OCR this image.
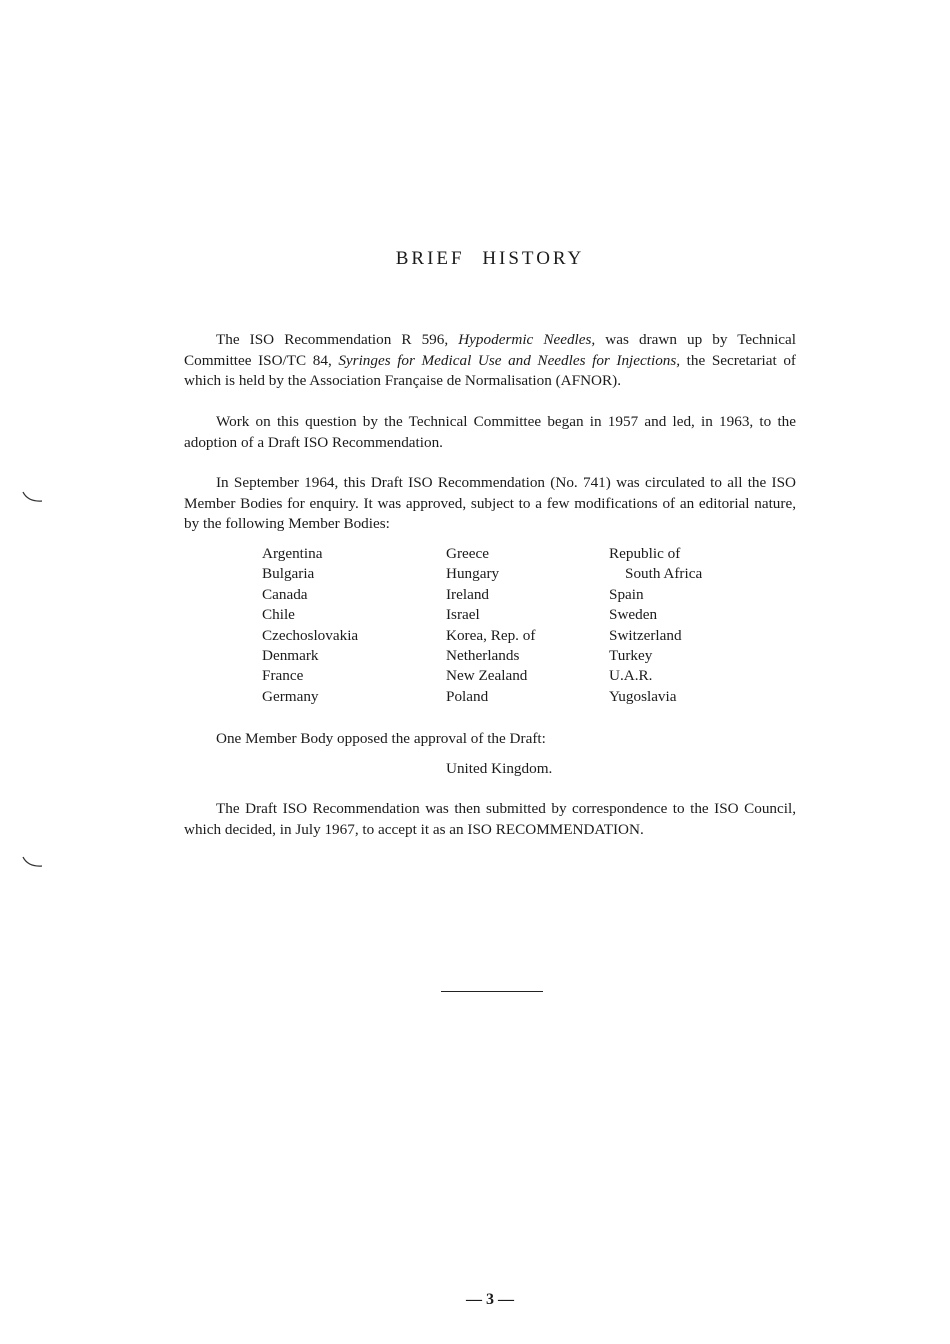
BRIEF HISTORY

The ISO Recommendation R 596, Hypodermic Needles, was drawn up by Technical Committee ISO/TC 84, Syringes for Medical Use and Needles for Injections, the Secretariat of which is held by the Association Française de Normalisation (AFNOR).

Work on this question by the Technical Committee began in 1957 and led, in 1963, to the adoption of a Draft ISO Recommendation.

In September 1964, this Draft ISO Recommendation (No. 741) was circulated to all the ISO Member Bodies for enquiry. It was approved, subject to a few modifications of an editorial nature, by the following Member Bodies:

Argentina
Bulgaria
Canada
Chile
Czechoslovakia
Denmark
France
Germany
Greece
Hungary
Ireland
Israel
Korea, Rep. of
Netherlands
New Zealand
Poland
Republic of
South Africa
Spain
Sweden
Switzerland
Turkey
U.A.R.
Yugoslavia
One Member Body opposed the approval of the Draft:
United Kingdom.

The Draft ISO Recommendation was then submitted by correspondence to the ISO Council, which decided, in July 1967, to accept it as an ISO RECOMMENDATION.

— 3 —
